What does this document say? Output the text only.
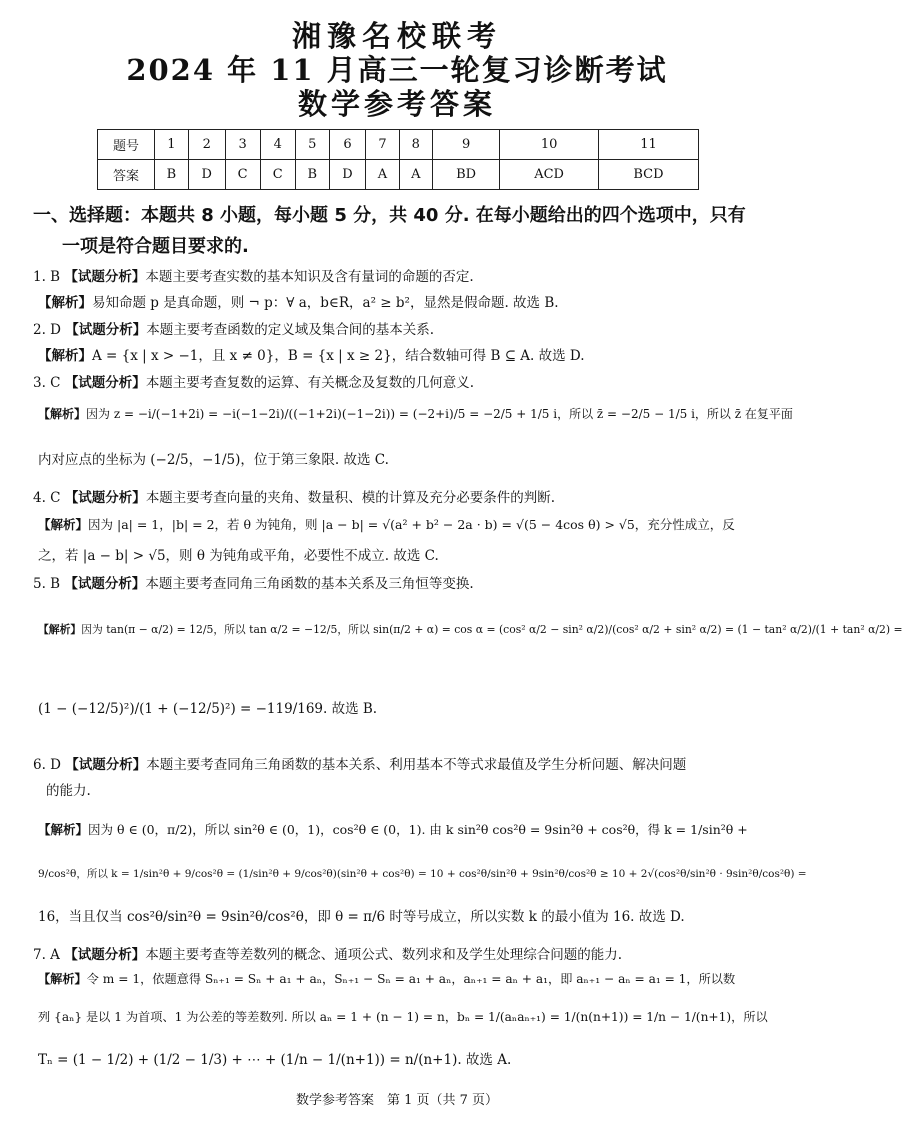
湘豫名校联考
2024 年 11 月高三一轮复习诊断考试
数学参考答案
题号	1	2	3	4	5	6	7	8	9	10	11
答案	B	D	C	C	B	D	A	A	BD	ACD	BCD
一、选择题：本题共 8 小题，每小题 5 分，共 40 分. 在每小题给出的四个选项中，只有
一项是符合题目要求的.
1. B 【试题分析】本题主要考查实数的基本知识及含有量词的命题的否定.
【解析】易知命题 p 是真命题，则 ¬ p：∀ a，b∈R，a² ≥ b²，显然是假命题. 故选 B.
2. D 【试题分析】本题主要考查函数的定义域及集合间的基本关系.
【解析】A = {x | x > −1，且 x ≠ 0}，B = {x | x ≥ 2}，结合数轴可得 B ⊆ A. 故选 D.
3. C 【试题分析】本题主要考查复数的运算、有关概念及复数的几何意义.
【解析】因为 z = −i/(−1+2i) = −i(−1−2i)/((−1+2i)(−1−2i)) = (−2+i)/5 = −2/5 + 1/5 i，所以 z̄ = −2/5 − 1/5 i，所以 z̄ 在复平面
内对应点的坐标为 (−2/5，−1/5)，位于第三象限. 故选 C.
4. C 【试题分析】本题主要考查向量的夹角、数量积、模的计算及充分必要条件的判断.
【解析】因为 |a| = 1，|b| = 2，若 θ 为钝角，则 |a − b| = √(a² + b² − 2a · b) = √(5 − 4cos θ) > √5，充分性成立，反
之，若 |a − b| > √5，则 θ 为钝角或平角，必要性不成立. 故选 C.
5. B 【试题分析】本题主要考查同角三角函数的基本关系及三角恒等变换.
【解析】因为 tan(π − α/2) = 12/5，所以 tan α/2 = −12/5，所以 sin(π/2 + α) = cos α = (cos² α/2 − sin² α/2)/(cos² α/2 + sin² α/2) = (1 − tan² α/2)/(1 + tan² α/2) =
(1 − (−12/5)²)/(1 + (−12/5)²) = −119/169. 故选 B.
6. D 【试题分析】本题主要考查同角三角函数的基本关系、利用基本不等式求最值及学生分析问题、解决问题
的能力.
【解析】因为 θ ∈ (0，π/2)，所以 sin²θ ∈ (0，1)，cos²θ ∈ (0，1). 由 k sin²θ cos²θ = 9sin²θ + cos²θ，得 k = 1/sin²θ +
9/cos²θ，所以 k = 1/sin²θ + 9/cos²θ = (1/sin²θ + 9/cos²θ)(sin²θ + cos²θ) = 10 + cos²θ/sin²θ + 9sin²θ/cos²θ ≥ 10 + 2√(cos²θ/sin²θ · 9sin²θ/cos²θ) =
16，当且仅当 cos²θ/sin²θ = 9sin²θ/cos²θ，即 θ = π/6 时等号成立，所以实数 k 的最小值为 16. 故选 D.
7. A 【试题分析】本题主要考查等差数列的概念、通项公式、数列求和及学生处理综合问题的能力.
【解析】令 m = 1，依题意得 Sₙ₊₁ = Sₙ + a₁ + aₙ，Sₙ₊₁ − Sₙ = a₁ + aₙ，aₙ₊₁ = aₙ + a₁，即 aₙ₊₁ − aₙ = a₁ = 1，所以数
列 {aₙ} 是以 1 为首项、1 为公差的等差数列. 所以 aₙ = 1 + (n − 1) = n，bₙ = 1/(aₙaₙ₊₁) = 1/(n(n+1)) = 1/n − 1/(n+1)，所以
Tₙ = (1 − 1/2) + (1/2 − 1/3) + ⋯ + (1/n − 1/(n+1)) = n/(n+1). 故选 A.
数学参考答案　第 1 页（共 7 页）
